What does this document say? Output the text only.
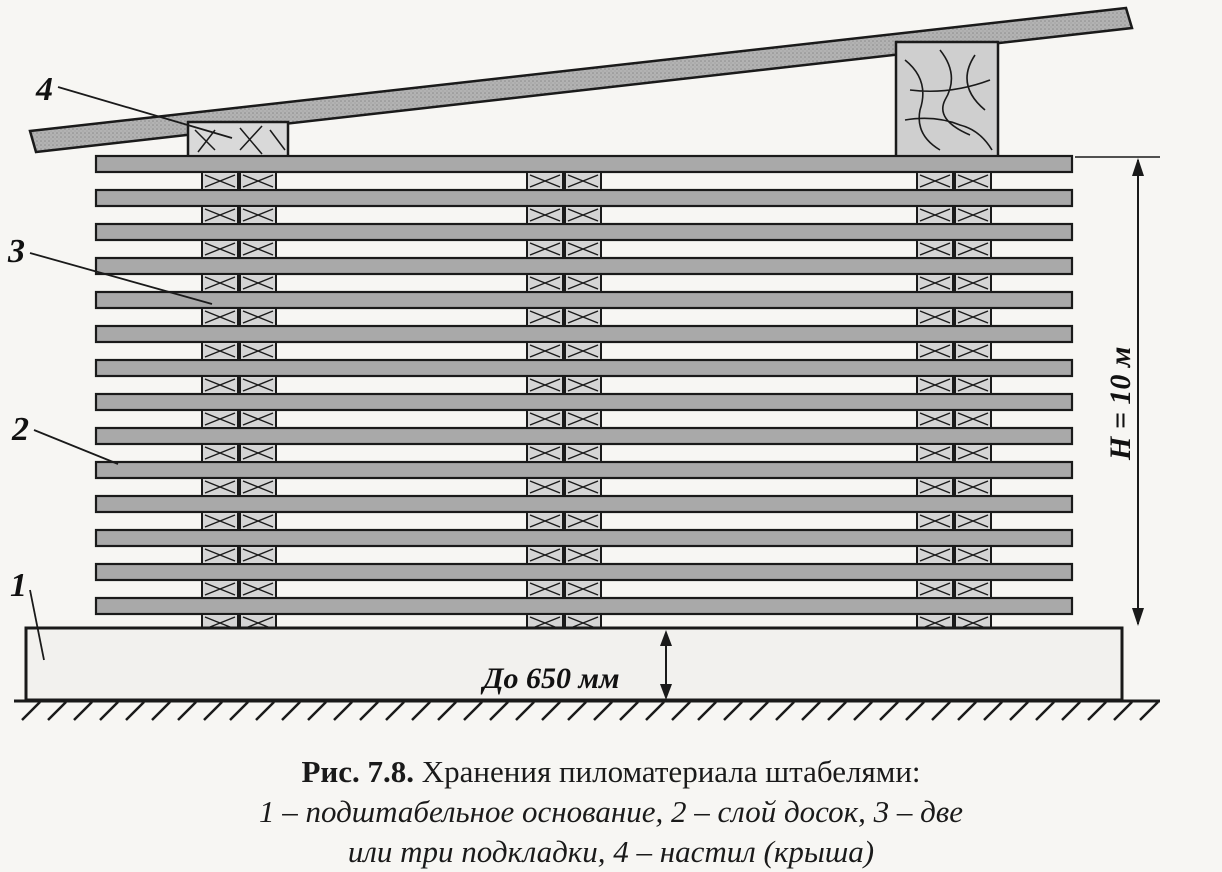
H = 10 м
До 650 мм
4
3
2
1
Рис. 7.8. Хранения пиломатериала штабелями:
1 – подштабельное основание, 2 – слой досок, 3 – две
или три подкладки, 4 – настил (крыша)
